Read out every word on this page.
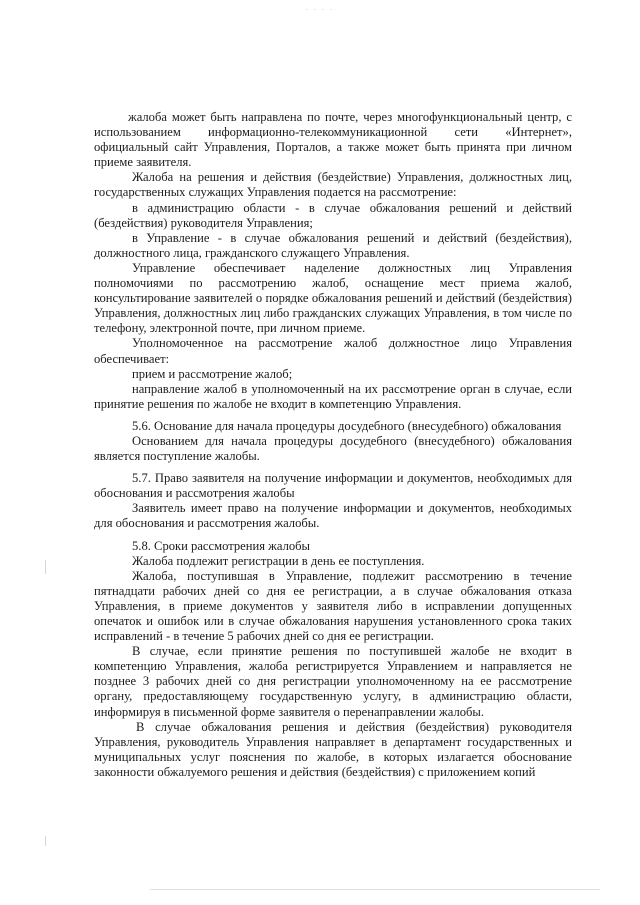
· · · ·

жалоба может быть направлена по почте, через многофункциональный центр, с использованием информационно-телекоммуникационной сети «Интернет», официальный сайт Управления, Порталов, а также может быть принята при личном приеме заявителя.

Жалоба на решения и действия (бездействие) Управления, должностных лиц, государственных служащих Управления подается на рассмотрение:

в администрацию области - в случае обжалования решений и действий (бездействия) руководителя Управления;

в Управление - в случае обжалования решений и действий (бездействия), должностного лица, гражданского служащего Управления.

Управление обеспечивает наделение должностных лиц Управления полномочиями по рассмотрению жалоб, оснащение мест приема жалоб, консультирование заявителей о порядке обжалования решений и действий (бездействия) Управления, должностных лиц либо гражданских служащих Управления, в том числе по телефону, электронной почте, при личном приеме.

Уполномоченное на рассмотрение жалоб должностное лицо Управления обеспечивает:

прием и рассмотрение жалоб;

направление жалоб в уполномоченный на их рассмотрение орган в случае, если принятие решения по жалобе не входит в компетенцию Управления.

5.6. Основание для начала процедуры досудебного (внесудебного) обжалования

Основанием для начала процедуры досудебного (внесудебного) обжалования является поступление жалобы.

5.7. Право заявителя на получение информации и документов, необходимых для обоснования и рассмотрения жалобы

Заявитель имеет право на получение информации и документов, необходимых для обоснования и рассмотрения жалобы.

5.8. Сроки рассмотрения жалобы

Жалоба подлежит регистрации в день ее поступления.

Жалоба, поступившая в Управление, подлежит рассмотрению в течение пятнадцати рабочих дней со дня ее регистрации, а в случае обжалования отказа Управления, в приеме документов у заявителя либо в исправлении допущенных опечаток и ошибок или в случае обжалования нарушения установленного срока таких исправлений - в течение 5 рабочих дней со дня ее регистрации.

В случае, если принятие решения по поступившей жалобе не входит в компетенцию Управления, жалоба регистрируется Управлением и направляется не позднее 3 рабочих дней со дня регистрации уполномоченному на ее рассмотрение органу, предоставляющему государственную услугу, в администрацию области, информируя в письменной форме заявителя о перенаправлении жалобы.

В случае обжалования решения и действия (бездействия) руководителя Управления, руководитель Управления направляет в департамент государственных и муниципальных услуг пояснения по жалобе, в которых излагается обоснование законности обжалуемого решения и действия (бездействия) с приложением копий
